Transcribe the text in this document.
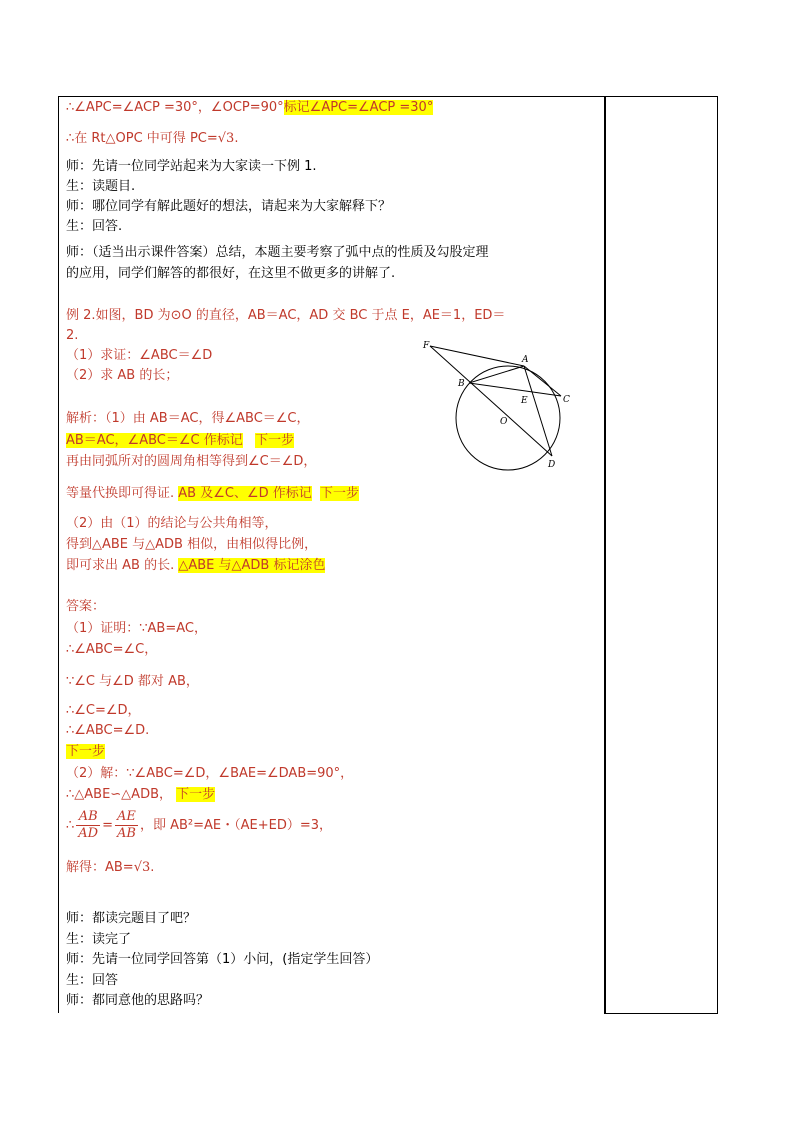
∴∠APC=∠ACP =30°，∠OCP=90°标记∠APC=∠ACP =30°
∴在 Rt△OPC 中可得 PC=√3.
师：先请一位同学站起来为大家读一下例 1.
生：读题目.
师：哪位同学有解此题好的想法，请起来为大家解释下？
生：回答.
师：（适当出示课件答案）总结，本题主要考察了弧中点的性质及勾股定理
的应用，同学们解答的都很好，在这里不做更多的讲解了.
例 2.如图，BD 为⊙O 的直径，AB＝AC，AD 交 BC 于点 E，AE＝1，ED＝
2.
（1）求证：∠ABC＝∠D
（2）求 AB 的长；
解析：（1）由 AB＝AC，得∠ABC＝∠C，
AB＝AC，∠ABC＝∠C 作标记 下一步
再由同弧所对的圆周角相等得到∠C＝∠D，
等量代换即可得证. AB 及∠C、∠D 作标记 下一步
（2）由（1）的结论与公共角相等，
得到△ABE 与△ADB 相似，由相似得比例，
即可求出 AB 的长. △ABE 与△ADB 标记涂色
答案：
（1）证明：∵AB=AC，
∴∠ABC=∠C，
∵∠C 与∠D 都对 AB，
∴∠C=∠D，
∴∠ABC=∠D.
下一步
（2）解：∵∠ABC=∠D，∠BAE=∠DAB=90°，
∴△ABE∽△ADB， 下一步
∴ $\frac{AB}{AD} = \frac{AE}{AB}$ ，即 AB²=AE・（AE+ED）=3，
解得：AB=√3.
师：都读完题目了吧？
生：读完了
师：先请一位同学回答第（1）小问，(指定学生回答）
生：回答
师：都同意他的思路吗？
F
A
B
E	C
O
D
